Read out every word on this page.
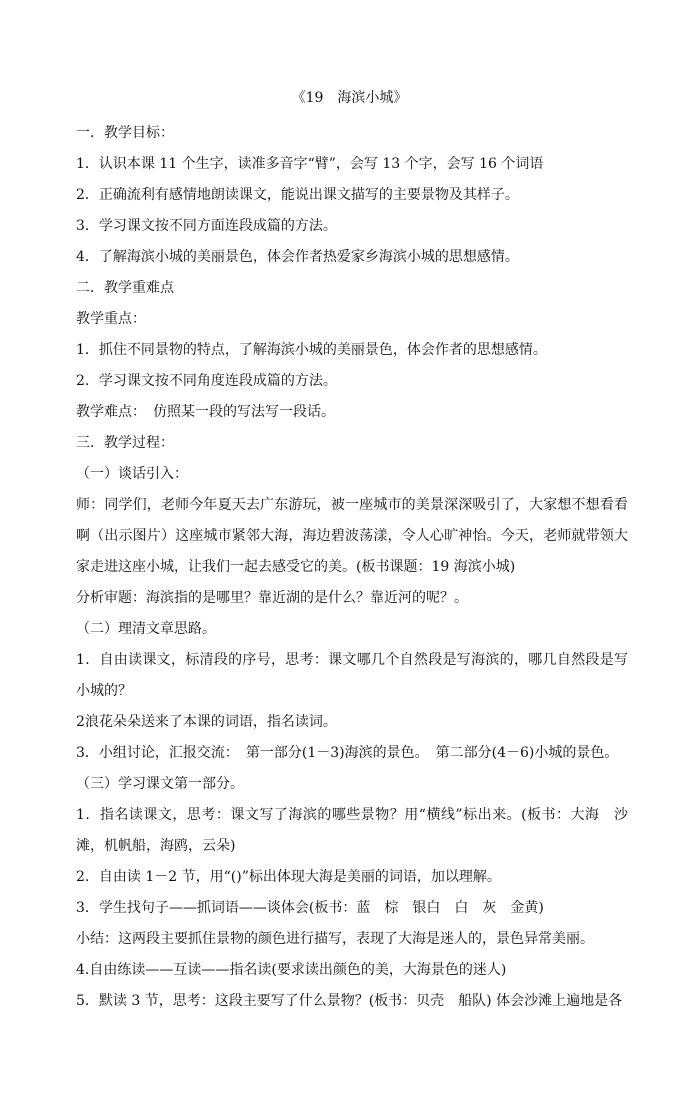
《19　海滨小城》
一．教学目标：
1．认识本课 11 个生字，读准多音字“臂”，会写 13 个字，会写 16 个词语
2．正确流利有感情地朗读课文，能说出课文描写的主要景物及其样子。
3．学习课文按不同方面连段成篇的方法。
4．了解海滨小城的美丽景色，体会作者热爱家乡海滨小城的思想感情。
二．教学重难点
教学重点：
1．抓住不同景物的特点，了解海滨小城的美丽景色，体会作者的思想感情。
2．学习课文按不同角度连段成篇的方法。
教学难点：　仿照某一段的写法写一段话。
三．教学过程：
（一）谈话引入：
师：同学们，老师今年夏天去广东游玩，被一座城市的美景深深吸引了，大家想不想看看啊（出示图片）这座城市紧邻大海，海边碧波荡漾，令人心旷神怡。今天，老师就带领大家走进这座小城，让我们一起去感受它的美。(板书课题：19 海滨小城)
分析审题：海滨指的是哪里？靠近湖的是什么？靠近河的呢？。
（二）理清文章思路。
1．自由读课文，标清段的序号，思考：课文哪几个自然段是写海滨的，哪几自然段是写小城的？
2浪花朵朵送来了本课的词语，指名读词。
3．小组讨论，汇报交流：　第一部分(1－3)海滨的景色。　第二部分(4－6)小城的景色。
（三）学习课文第一部分。
1．指名读课文，思考：课文写了海滨的哪些景物？用“横线”标出来。(板书：大海　沙滩，机帆船，海鸥，云朵)
2．自由读 1－2 节，用“()”标出体现大海是美丽的词语，加以理解。
3．学生找句子——抓词语——谈体会(板书：蓝　棕　银白　白　灰　金黄)
小结：这两段主要抓住景物的颜色进行描写，表现了大海是迷人的，景色异常美丽。
4.自由练读——互读——指名读(要求读出颜色的美，大海景色的迷人)
5．默读 3 节，思考：这段主要写了什么景物？(板书：贝壳　船队) 体会沙滩上遍地是各
